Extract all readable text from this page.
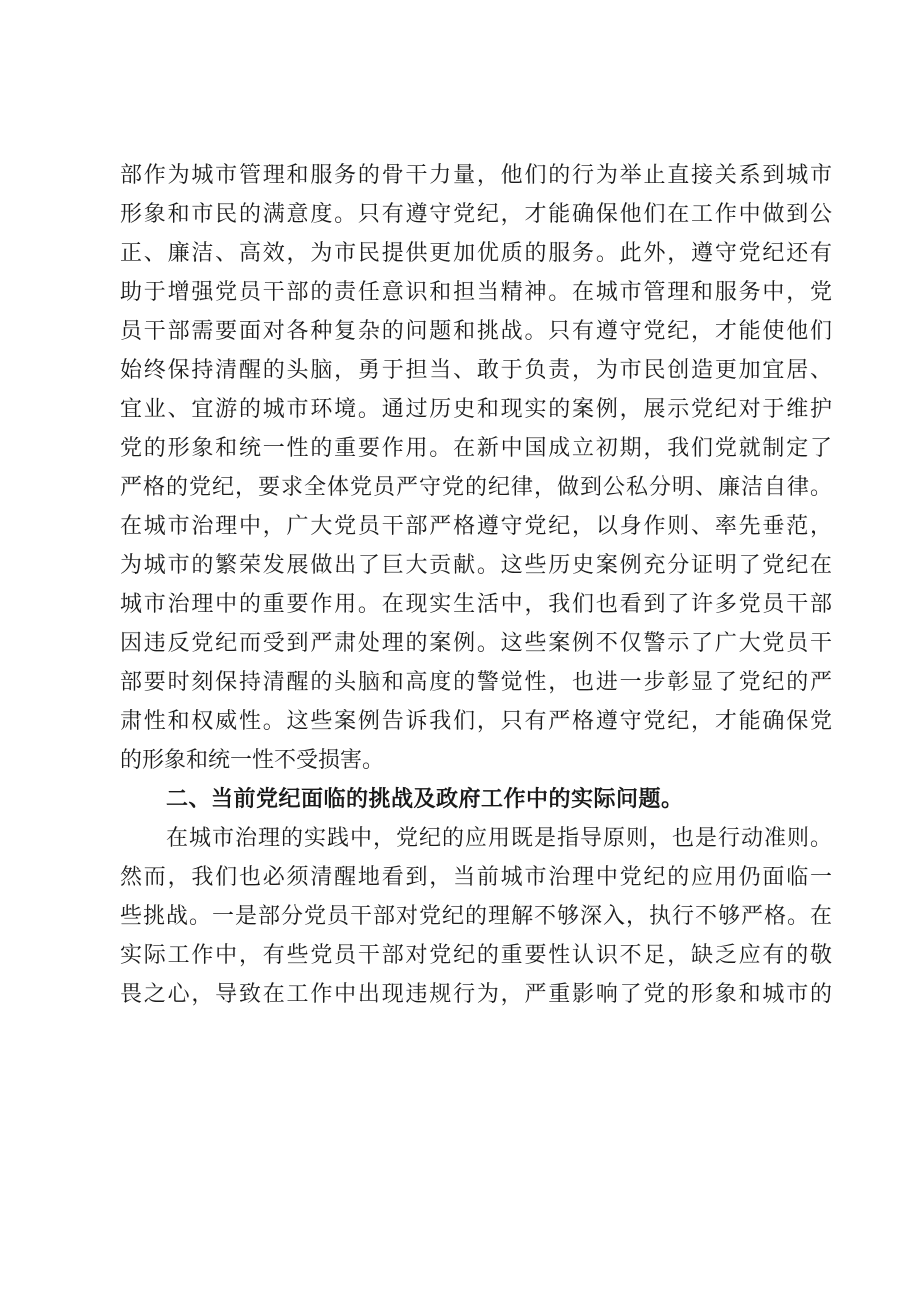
部作为城市管理和服务的骨干力量，他们的行为举止直接关系到城市
形象和市民的满意度。只有遵守党纪，才能确保他们在工作中做到公
正、廉洁、高效，为市民提供更加优质的服务。此外，遵守党纪还有
助于增强党员干部的责任意识和担当精神。在城市管理和服务中，党
员干部需要面对各种复杂的问题和挑战。只有遵守党纪，才能使他们
始终保持清醒的头脑，勇于担当、敢于负责，为市民创造更加宜居、
宜业、宜游的城市环境。通过历史和现实的案例，展示党纪对于维护
党的形象和统一性的重要作用。在新中国成立初期，我们党就制定了
严格的党纪，要求全体党员严守党的纪律，做到公私分明、廉洁自律。
在城市治理中，广大党员干部严格遵守党纪，以身作则、率先垂范，
为城市的繁荣发展做出了巨大贡献。这些历史案例充分证明了党纪在
城市治理中的重要作用。在现实生活中，我们也看到了许多党员干部
因违反党纪而受到严肃处理的案例。这些案例不仅警示了广大党员干
部要时刻保持清醒的头脑和高度的警觉性，也进一步彰显了党纪的严
肃性和权威性。这些案例告诉我们，只有严格遵守党纪，才能确保党
的形象和统一性不受损害。
二、当前党纪面临的挑战及政府工作中的实际问题。
在城市治理的实践中，党纪的应用既是指导原则，也是行动准则。
然而，我们也必须清醒地看到，当前城市治理中党纪的应用仍面临一
些挑战。一是部分党员干部对党纪的理解不够深入，执行不够严格。在
实际工作中，有些党员干部对党纪的重要性认识不足，缺乏应有的敬
畏之心，导致在工作中出现违规行为，严重影响了党的形象和城市的
